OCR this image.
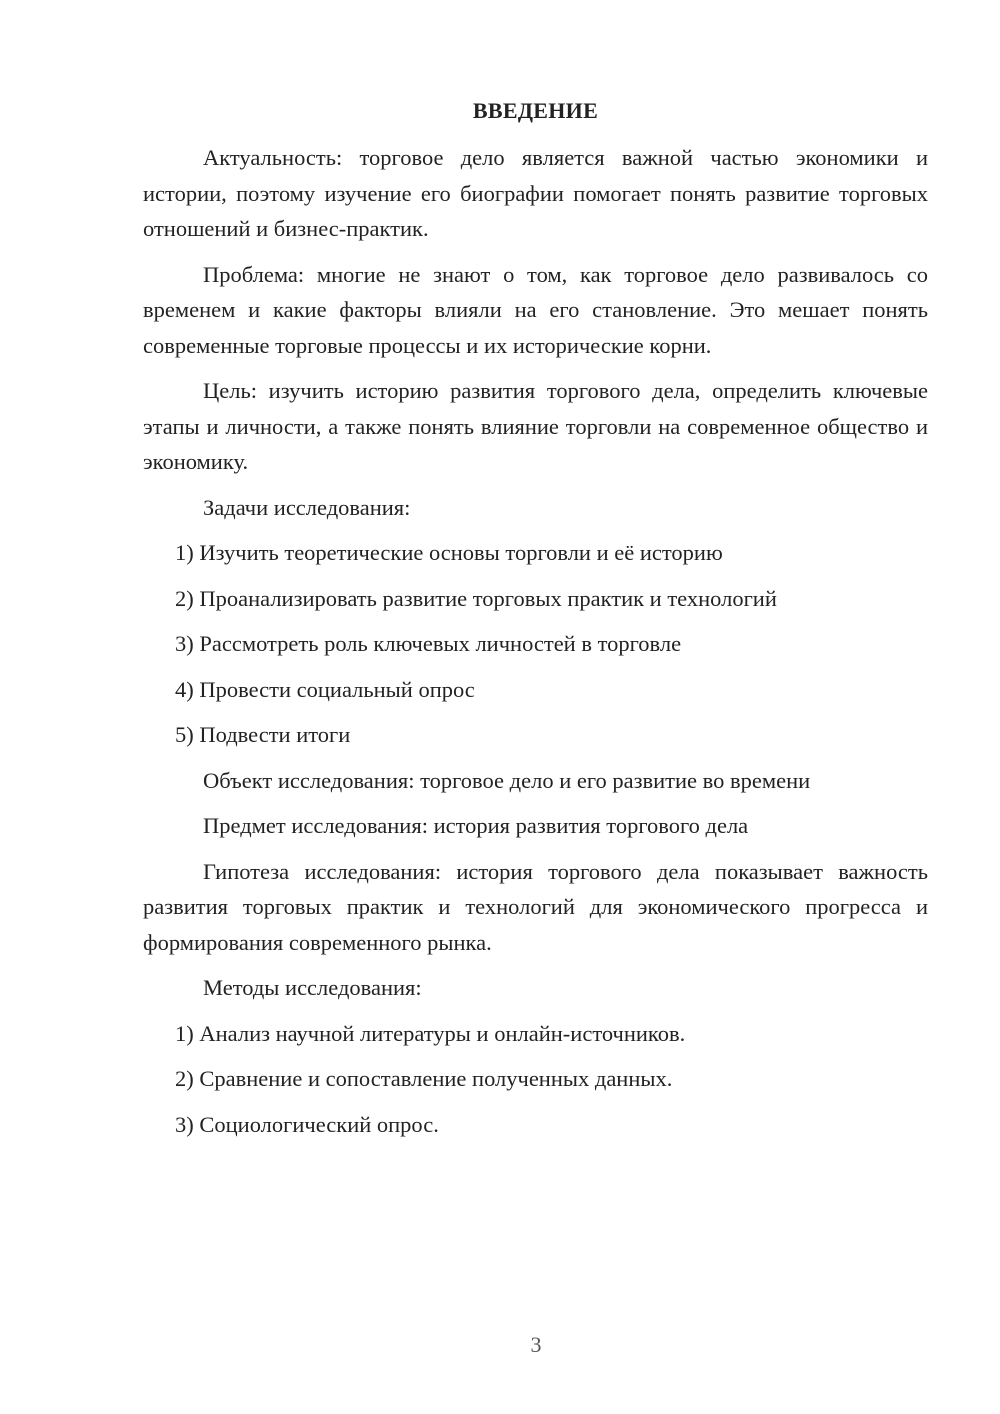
ВВЕДЕНИЕ

Актуальность: торговое дело является важной частью экономики и истории, поэтому изучение его биографии помогает понять развитие торговых отношений и бизнес-практик.

Проблема: многие не знают о том, как торговое дело развивалось со временем и какие факторы влияли на его становление. Это мешает понять современные торговые процессы и их исторические корни.

Цель: изучить историю развития торгового дела, определить ключевые этапы и личности, а также понять влияние торговли на современное общество и экономику.

Задачи исследования:
1) Изучить теоретические основы торговли и её историю
2) Проанализировать развитие торговых практик и технологий
3) Рассмотреть роль ключевых личностей в торговле
4) Провести социальный опрос
5) Подвести итоги
Объект исследования: торговое дело и его развитие во времени
Предмет исследования: история развития торгового дела

Гипотеза исследования: история торгового дела показывает важность развития торговых практик и технологий для экономического прогресса и формирования современного рынка.

Методы исследования:
1) Анализ научной литературы и онлайн-источников.
2) Сравнение и сопоставление полученных данных.
3) Социологический опрос.
3
